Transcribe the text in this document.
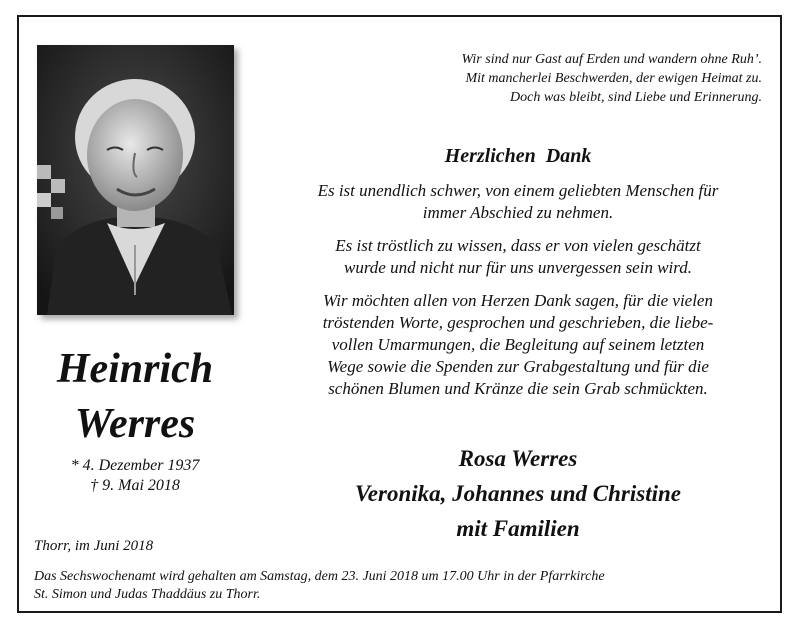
Heinrich
Werres
* 4. Dezember 1937
† 9. Mai 2018
Wir sind nur Gast auf Erden und wandern ohne Ruh’.
Mit mancherlei Beschwerden, der ewigen Heimat zu.
Doch was bleibt, sind Liebe und Erinnerung.
Herzlichen  Dank
Es ist unendlich schwer, von einem geliebten Menschen für
immer Abschied zu nehmen.
Es ist tröstlich zu wissen, dass er von vielen geschätzt
wurde und nicht nur für uns unvergessen sein wird.
Wir möchten allen von Herzen Dank sagen, für die vielen
tröstenden Worte, gesprochen und geschrieben, die liebe-
vollen Umarmungen, die Begleitung auf seinem letzten
Wege sowie die Spenden zur Grabgestaltung und für die
schönen Blumen und Kränze die sein Grab schmückten.
Rosa Werres
Veronika, Johannes und Christine
mit Familien
Thorr, im Juni 2018
Das Sechswochenamt wird gehalten am Samstag, dem 23. Juni 2018 um 17.00 Uhr in der Pfarrkirche
St. Simon und Judas Thaddäus zu Thorr.
